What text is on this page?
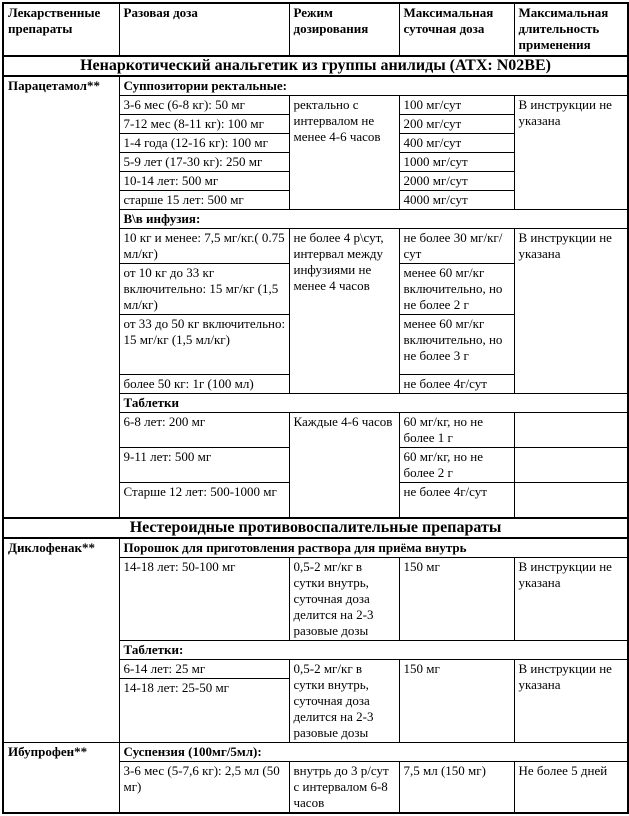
Лекарственные препараты	Разовая доза	Режим дозирования	Максимальная суточная доза	Максимальная длительность применения
Ненаркотический анальгетик из группы анилиды (АТХ: N02BE)				
Парацетамол**	Суппозитории ректальные:			
	3-6 мес (6-8 кг): 50 мг	ректально с интервалом не менее 4-6 часов	100 мг/сут	В инструкции не указана
	7-12 мес (8-11 кг): 100 мг		200 мг/сут	
	1-4 года (12-16 кг): 100 мг		400 мг/сут	
	5-9 лет (17-30 кг): 250 мг		1000 мг/сут	
	10-14 лет: 500 мг		2000 мг/сут	
	старше 15 лет: 500 мг		4000 мг/сут	
	В\в инфузия:			
	10 кг и менее: 7,5 мг/кг.( 0.75 мл/кг)	не более 4 р\сут, интервал между инфузиями не менее 4 часов	не более 30 мг/кг/сут	В инструкции не указана
	от 10 кг до 33 кг включительно: 15 мг/кг (1,5 мл/кг)		менее 60 мг/кг включительно, но не более 2 г	
	от 33 до 50 кг включительно: 15 мг/кг (1,5 мл/кг)		менее 60 мг/кг включительно, но не более 3 г	
	более 50 кг: 1г (100 мл)		не более 4г/сут	
	Таблетки			
	6-8 лет: 200 мг	Каждые 4-6 часов	60 мг/кг, но не более 1 г	
	9-11 лет: 500 мг		60 мг/кг, но не более 2 г	
	Старше 12 лет: 500-1000 мг		не более 4г/сут	
Нестероидные противовоспалительные препараты				
Диклофенак**	Порошок для приготовления раствора для приёма внутрь			
	14-18 лет: 50-100 мг	0,5-2 мг/кг в сутки внутрь, суточная доза делится на 2-3 разовые дозы	150 мг	В инструкции не указана
	Таблетки:			
	6-14 лет: 25 мг	0,5-2 мг/кг в сутки внутрь, суточная доза делится на 2-3 разовые дозы	150 мг	В инструкции не указана
	14-18 лет: 25-50 мг			
Ибупрофен**	Суспензия (100мг/5мл):			
	3-6 мес (5-7,6 кг): 2,5 мл (50 мг)	внутрь до 3 р/сут с интервалом 6-8 часов	7,5 мл (150 мг)	Не более 5 дней
